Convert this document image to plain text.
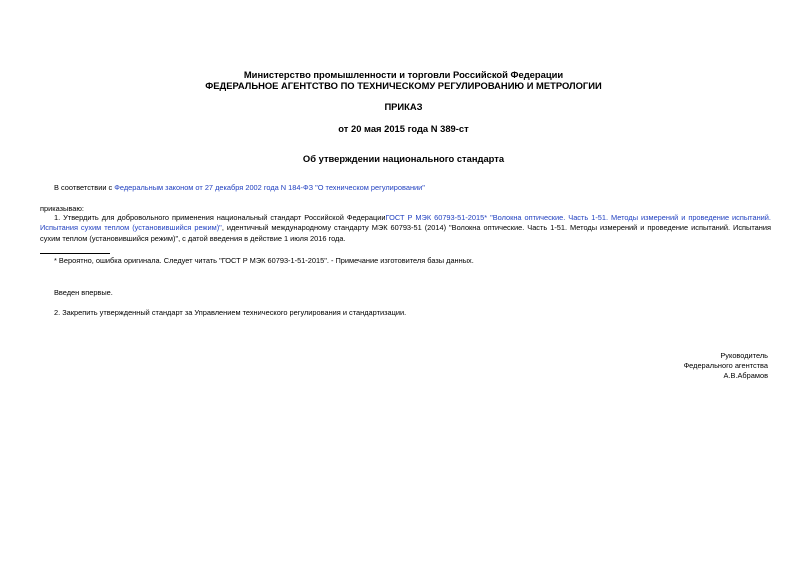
Министерство промышленности и торговли Российской Федерации
ФЕДЕРАЛЬНОЕ АГЕНТСТВО ПО ТЕХНИЧЕСКОМУ РЕГУЛИРОВАНИЮ И МЕТРОЛОГИИ
ПРИКАЗ
от 20 мая 2015 года N 389-ст
Об утверждении национального стандарта
В соответствии с Федеральным законом от 27 декабря 2002 года N 184-ФЗ "О техническом регулировании"
приказываю:
1. Утвердить для добровольного применения национальный стандарт Российской ФедерацииГОСТ Р МЭК 60793-51-2015* "Волокна оптические. Часть 1-51. Методы измерений и проведение испытаний. Испытания сухим теплом (установившийся режим)", идентичный международному стандарту МЭК 60793-51 (2014) "Волокна оптические. Часть 1-51. Методы измерений и проведение испытаний. Испытания сухим теплом (установившийся режим)", с датой введения в действие 1 июля 2016 года.
* Вероятно, ошибка оригинала. Следует читать "ГОСТ Р МЭК 60793-1-51-2015". - Примечание изготовителя базы данных.
Введен впервые.
2. Закрепить утвержденный стандарт за Управлением технического регулирования и стандартизации.
Руководитель
Федерального агентства
А.В.Абрамов
